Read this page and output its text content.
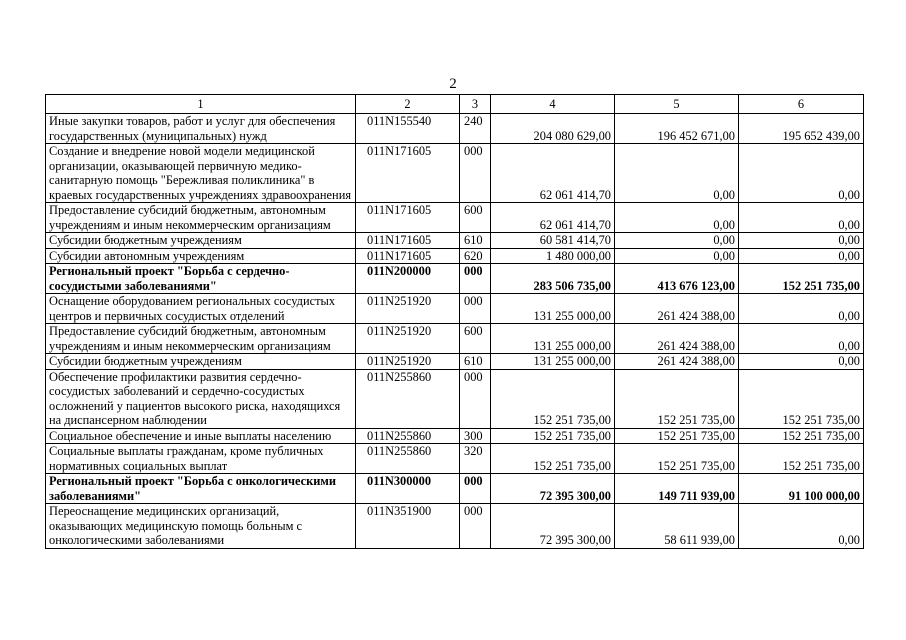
2
1	2	3	4	5	6
Иные закупки товаров, работ и услуг для обеспечения государственных (муниципальных) нужд	011N155540	240	204 080 629,00	196 452 671,00	195 652 439,00
Создание и внедрение новой модели медицинской организации, оказывающей первичную медико-санитарную помощь "Бережливая поликлиника" в краевых государственных учреждениях здравоохранения	011N171605	000	62 061 414,70	0,00	0,00
Предоставление субсидий бюджетным, автономным учреждениям и иным некоммерческим организациям	011N171605	600	62 061 414,70	0,00	0,00
Субсидии бюджетным учреждениям	011N171605	610	60 581 414,70	0,00	0,00
Субсидии автономным учреждениям	011N171605	620	1 480 000,00	0,00	0,00
Региональный проект "Борьба с сердечно-сосудистыми заболеваниями"	011N200000	000	283 506 735,00	413 676 123,00	152 251 735,00
Оснащение оборудованием региональных сосудистых центров и первичных сосудистых отделений	011N251920	000	131 255 000,00	261 424 388,00	0,00
Предоставление субсидий бюджетным, автономным учреждениям и иным некоммерческим организациям	011N251920	600	131 255 000,00	261 424 388,00	0,00
Субсидии бюджетным учреждениям	011N251920	610	131 255 000,00	261 424 388,00	0,00
Обеспечение профилактики развития сердечно-сосудистых заболеваний и сердечно-сосудистых осложнений у пациентов высокого риска, находящихся на диспансерном наблюдении	011N255860	000	152 251 735,00	152 251 735,00	152 251 735,00
Социальное обеспечение и иные выплаты населению	011N255860	300	152 251 735,00	152 251 735,00	152 251 735,00
Социальные выплаты гражданам, кроме публичных нормативных социальных выплат	011N255860	320	152 251 735,00	152 251 735,00	152 251 735,00
Региональный проект "Борьба с онкологическими заболеваниями"	011N300000	000	72 395 300,00	149 711 939,00	91 100 000,00
Переоснащение медицинских организаций, оказывающих медицинскую помощь больным с онкологическими заболеваниями	011N351900	000	72 395 300,00	58 611 939,00	0,00
